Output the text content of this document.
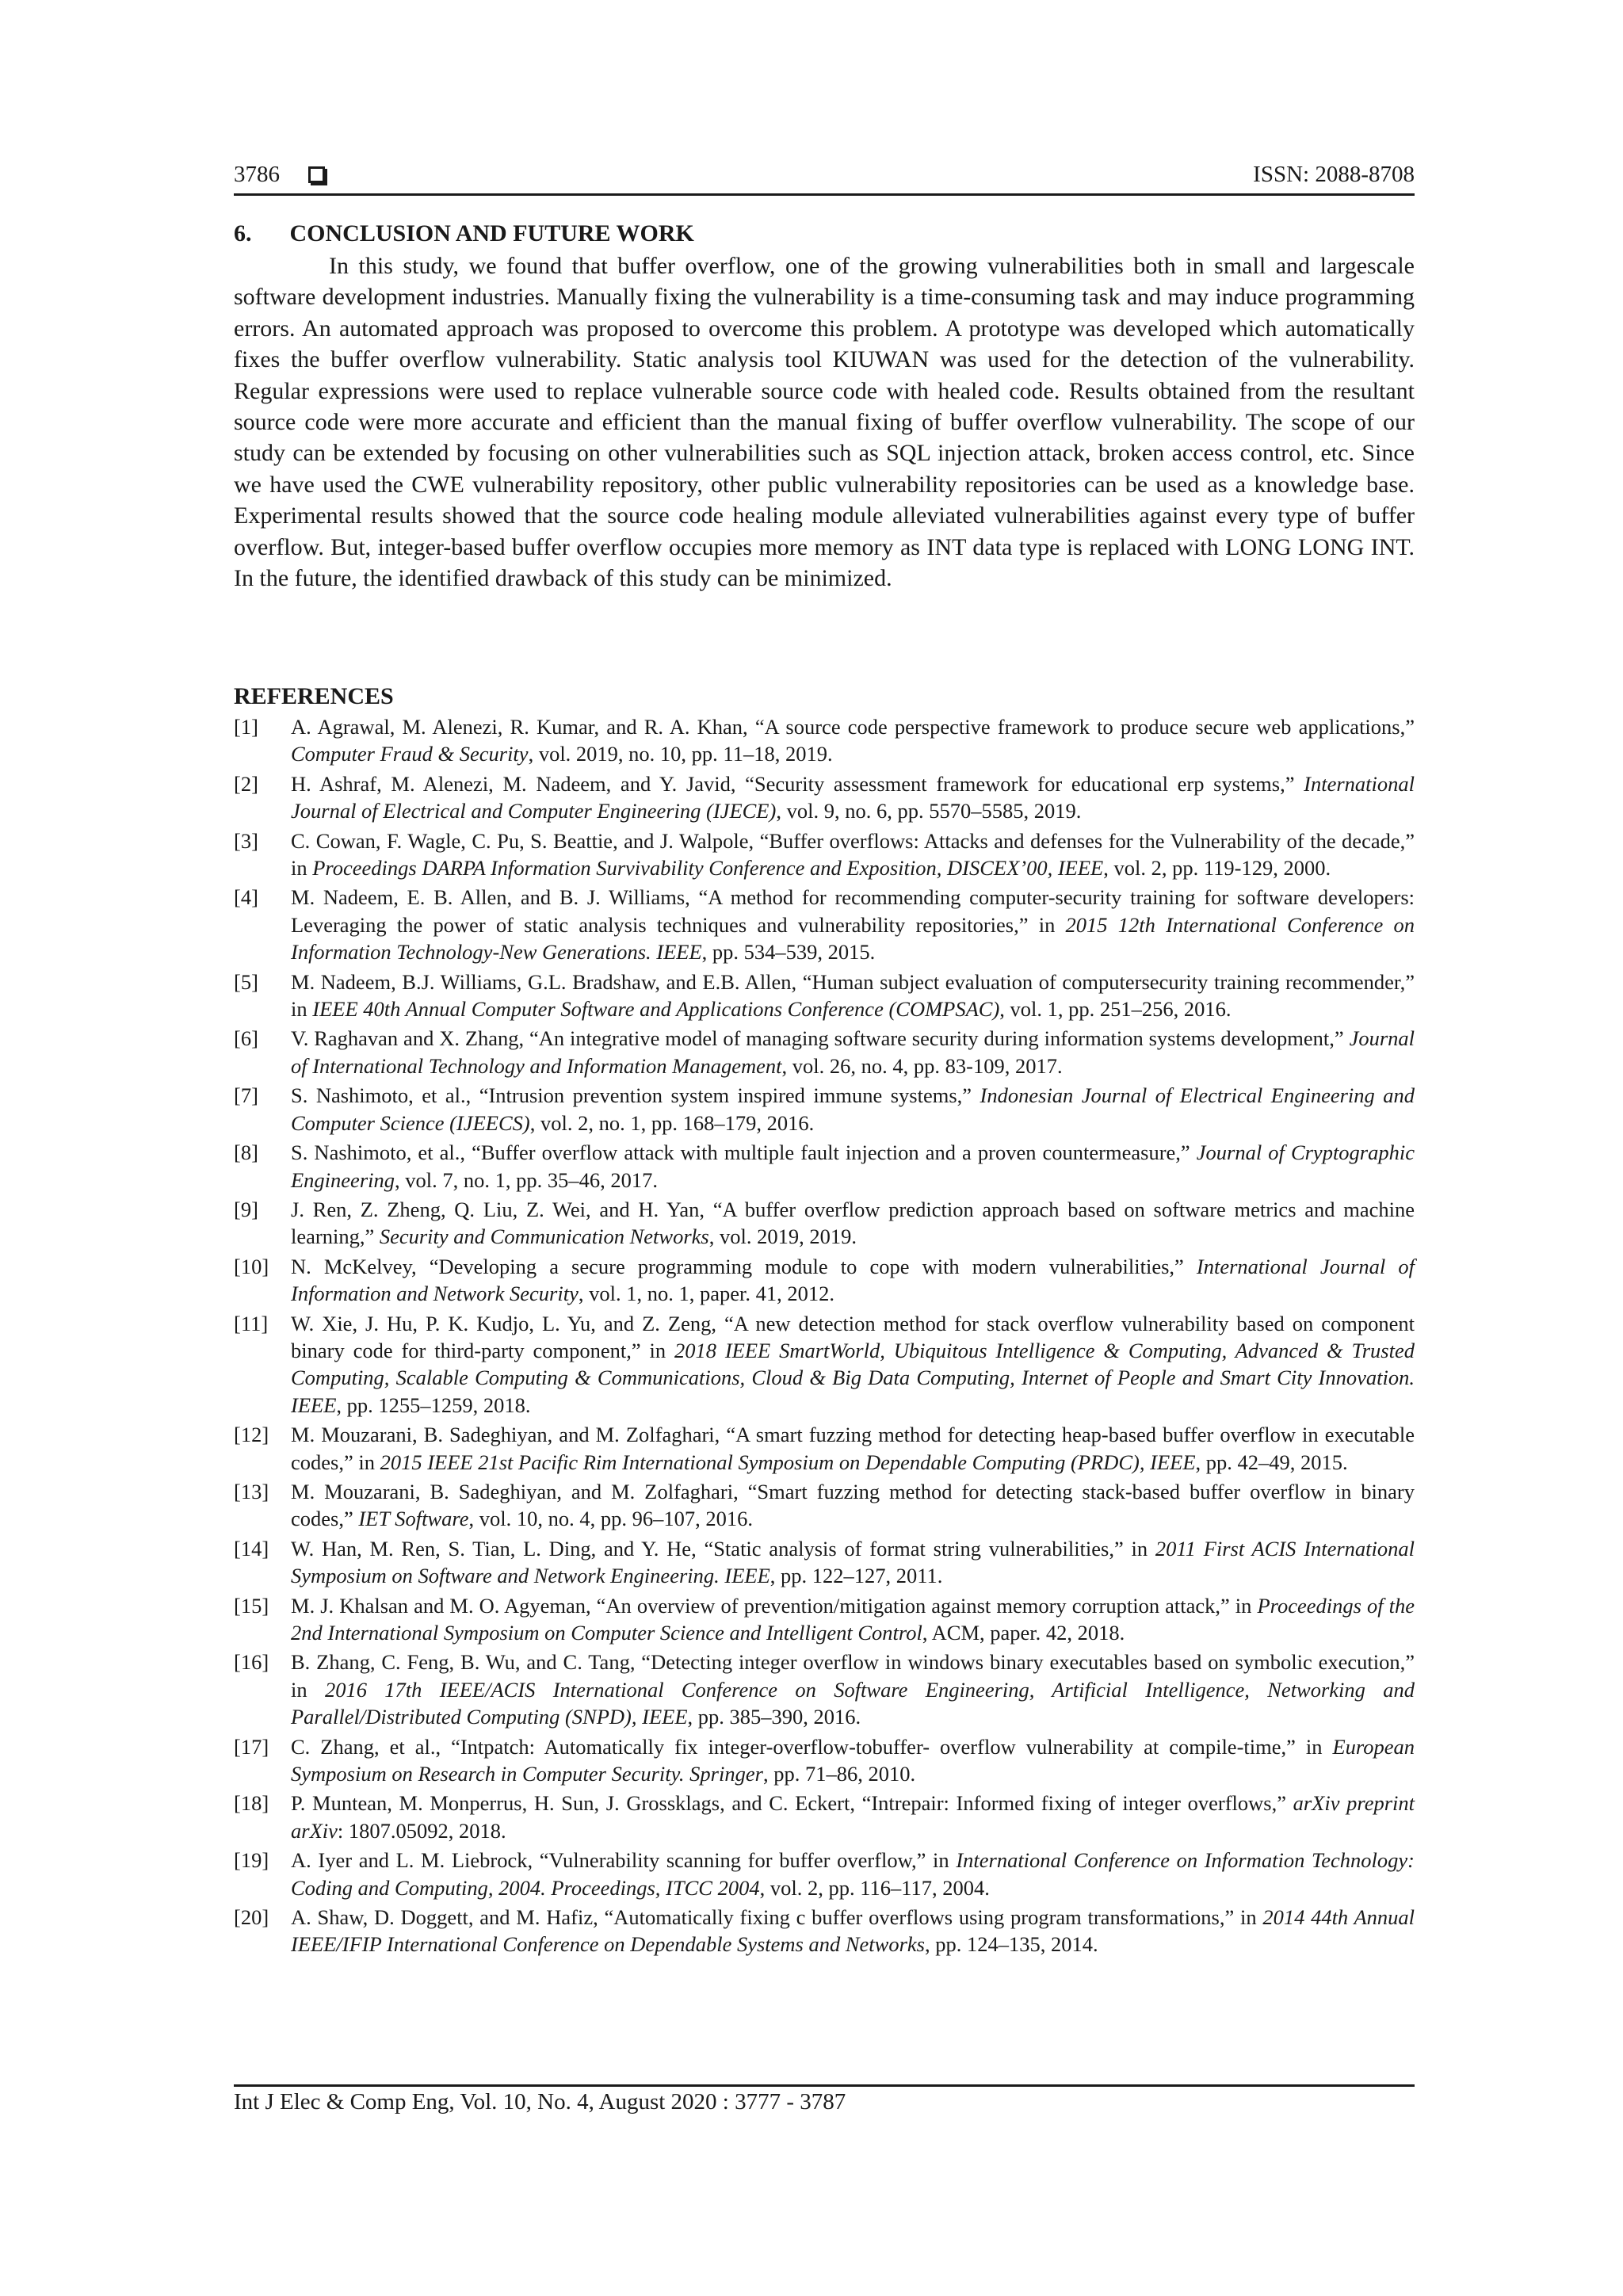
3786	ISSN: 2088-8708
6. CONCLUSION AND FUTURE WORK
In this study, we found that buffer overflow, one of the growing vulnerabilities both in small and largescale software development industries. Manually fixing the vulnerability is a time-consuming task and may induce programming errors. An automated approach was proposed to overcome this problem. A prototype was developed which automatically fixes the buffer overflow vulnerability. Static analysis tool KIUWAN was used for the detection of the vulnerability. Regular expressions were used to replace vulnerable source code with healed code. Results obtained from the resultant source code were more accurate and efficient than the manual fixing of buffer overflow vulnerability. The scope of our study can be extended by focusing on other vulnerabilities such as SQL injection attack, broken access control, etc. Since we have used the CWE vulnerability repository, other public vulnerability repositories can be used as a knowledge base. Experimental results showed that the source code healing module alleviated vulnerabilities against every type of buffer overflow. But, integer-based buffer overflow occupies more memory as INT data type is replaced with LONG LONG INT. In the future, the identified drawback of this study can be minimized.
REFERENCES
[1]	A. Agrawal, M. Alenezi, R. Kumar, and R. A. Khan, “A source code perspective framework to produce secure web applications,” Computer Fraud & Security, vol. 2019, no. 10, pp. 11–18, 2019.
[2]	H. Ashraf, M. Alenezi, M. Nadeem, and Y. Javid, “Security assessment framework for educational erp systems,” International Journal of Electrical and Computer Engineering (IJECE), vol. 9, no. 6, pp. 5570–5585, 2019.
[3]	C. Cowan, F. Wagle, C. Pu, S. Beattie, and J. Walpole, “Buffer overflows: Attacks and defenses for the Vulnerability of the decade,” in Proceedings DARPA Information Survivability Conference and Exposition, DISCEX’00, IEEE, vol. 2, pp. 119-129, 2000.
[4]	M. Nadeem, E. B. Allen, and B. J. Williams, “A method for recommending computer-security training for software developers: Leveraging the power of static analysis techniques and vulnerability repositories,” in 2015 12th International Conference on Information Technology-New Generations. IEEE, pp. 534–539, 2015.
[5]	M. Nadeem, B.J. Williams, G.L. Bradshaw, and E.B. Allen, “Human subject evaluation of computersecurity training recommender,” in IEEE 40th Annual Computer Software and Applications Conference (COMPSAC), vol. 1, pp. 251–256, 2016.
[6]	V. Raghavan and X. Zhang, “An integrative model of managing software security during information systems development,” Journal of International Technology and Information Management, vol. 26, no. 4, pp. 83-109, 2017.
[7]	S. Nashimoto, et al., “Intrusion prevention system inspired immune systems,” Indonesian Journal of Electrical Engineering and Computer Science (IJEECS), vol. 2, no. 1, pp. 168–179, 2016.
[8]	S. Nashimoto, et al., “Buffer overflow attack with multiple fault injection and a proven countermeasure,” Journal of Cryptographic Engineering, vol. 7, no. 1, pp. 35–46, 2017.
[9]	J. Ren, Z. Zheng, Q. Liu, Z. Wei, and H. Yan, “A buffer overflow prediction approach based on software metrics and machine learning,” Security and Communication Networks, vol. 2019, 2019.
[10]	N. McKelvey, “Developing a secure programming module to cope with modern vulnerabilities,” International Journal of Information and Network Security, vol. 1, no. 1, paper. 41, 2012.
[11]	W. Xie, J. Hu, P. K. Kudjo, L. Yu, and Z. Zeng, “A new detection method for stack overflow vulnerability based on component binary code for third-party component,” in 2018 IEEE SmartWorld, Ubiquitous Intelligence & Computing, Advanced & Trusted Computing, Scalable Computing & Communications, Cloud & Big Data Computing, Internet of People and Smart City Innovation. IEEE, pp. 1255–1259, 2018.
[12]	M. Mouzarani, B. Sadeghiyan, and M. Zolfaghari, “A smart fuzzing method for detecting heap-based buffer overflow in executable codes,” in 2015 IEEE 21st Pacific Rim International Symposium on Dependable Computing (PRDC), IEEE, pp. 42–49, 2015.
[13]	M. Mouzarani, B. Sadeghiyan, and M. Zolfaghari, “Smart fuzzing method for detecting stack-based buffer overflow in binary codes,” IET Software, vol. 10, no. 4, pp. 96–107, 2016.
[14]	W. Han, M. Ren, S. Tian, L. Ding, and Y. He, “Static analysis of format string vulnerabilities,” in 2011 First ACIS International Symposium on Software and Network Engineering. IEEE, pp. 122–127, 2011.
[15]	M. J. Khalsan and M. O. Agyeman, “An overview of prevention/mitigation against memory corruption attack,” in Proceedings of the 2nd International Symposium on Computer Science and Intelligent Control, ACM, paper. 42, 2018.
[16]	B. Zhang, C. Feng, B. Wu, and C. Tang, “Detecting integer overflow in windows binary executables based on symbolic execution,” in 2016 17th IEEE/ACIS International Conference on Software Engineering, Artificial Intelligence, Networking and Parallel/Distributed Computing (SNPD), IEEE, pp. 385–390, 2016.
[17]	C. Zhang, et al., “Intpatch: Automatically fix integer-overflow-tobuffer- overflow vulnerability at compile-time,” in European Symposium on Research in Computer Security. Springer, pp. 71–86, 2010.
[18]	P. Muntean, M. Monperrus, H. Sun, J. Grossklags, and C. Eckert, “Intrepair: Informed fixing of integer overflows,” arXiv preprint arXiv: 1807.05092, 2018.
[19]	A. Iyer and L. M. Liebrock, “Vulnerability scanning for buffer overflow,” in International Conference on Information Technology: Coding and Computing, 2004. Proceedings, ITCC 2004, vol. 2, pp. 116–117, 2004.
[20]	A. Shaw, D. Doggett, and M. Hafiz, “Automatically fixing c buffer overflows using program transformations,” in 2014 44th Annual IEEE/IFIP International Conference on Dependable Systems and Networks, pp. 124–135, 2014.
Int J Elec & Comp Eng, Vol. 10, No. 4, August 2020 : 3777 - 3787
